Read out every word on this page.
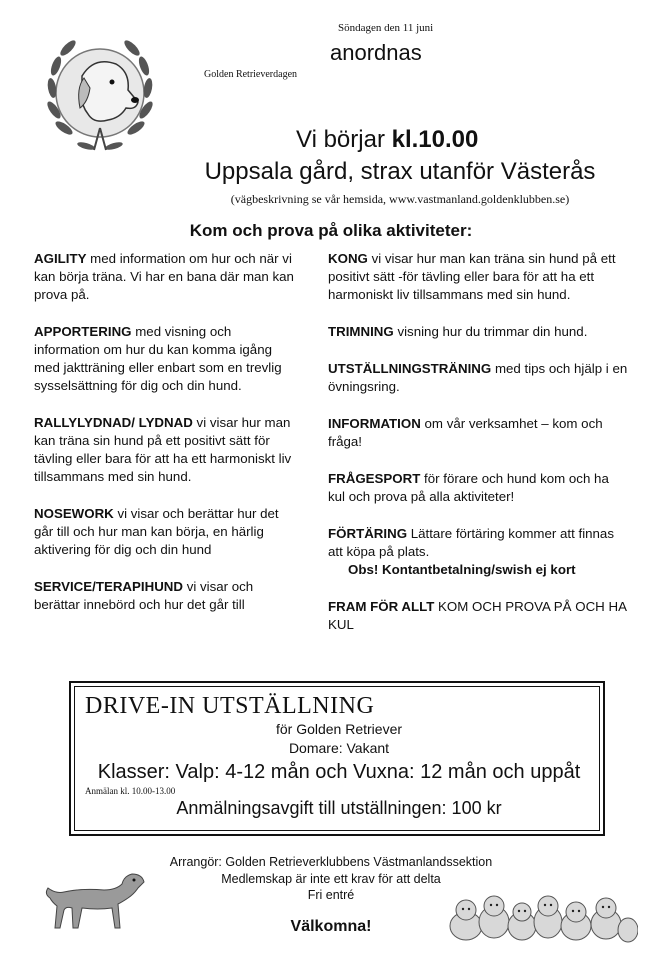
Söndagen den 11 juni
anordnas
Golden Retrieverdagen
Vi börjar kl.10.00
Uppsala gård, strax utanför Västerås
(vägbeskrivning se vår hemsida, www.vastmanland.goldenklubben.se)
Kom och prova på olika aktiviteter:

AGILITY med information om hur och när vi kan börja träna. Vi har en bana där man kan prova på.

APPORTERING med visning och information om hur du kan komma igång med jaktträning eller enbart som en trevlig sysselsättning för dig och din hund.

RALLYLYDNAD/ LYDNAD vi visar hur man kan träna sin hund på ett positivt sätt för tävling eller bara för att ha ett harmoniskt liv tillsammans med sin hund.

NOSEWORK vi visar och berättar hur det går till och hur man kan börja, en härlig aktivering för dig och din hund

SERVICE/TERAPIHUND vi visar och berättar innebörd och hur det går till

KONG vi visar hur man kan träna sin hund på ett positivt sätt -för tävling eller bara för att ha ett harmoniskt liv tillsammans med sin hund.

TRIMNING visning hur du trimmar din hund.

UTSTÄLLNINGSTRÄNING med tips och hjälp i en övningsring.

INFORMATION om vår verksamhet – kom och fråga!

FRÅGESPORT för förare och hund kom och ha kul och prova på alla aktiviteter!

FÖRTÄRING Lättare förtäring kommer att finnas att köpa på plats.
Obs! Kontantbetalning/swish ej kort

FRAM FÖR ALLT KOM OCH PROVA PÅ OCH HA KUL

DRIVE-IN UTSTÄLLNING
för Golden Retriever
Domare: Vakant
Klasser: Valp: 4-12 mån och Vuxna: 12 mån och uppåt
Anmälan kl. 10.00-13.00
Anmälningsavgift till utställningen: 100 kr
Arrangör: Golden Retrieverklubbens Västmanlandssektion
Medlemskap är inte ett krav för att delta
Fri entré
Välkomna!
